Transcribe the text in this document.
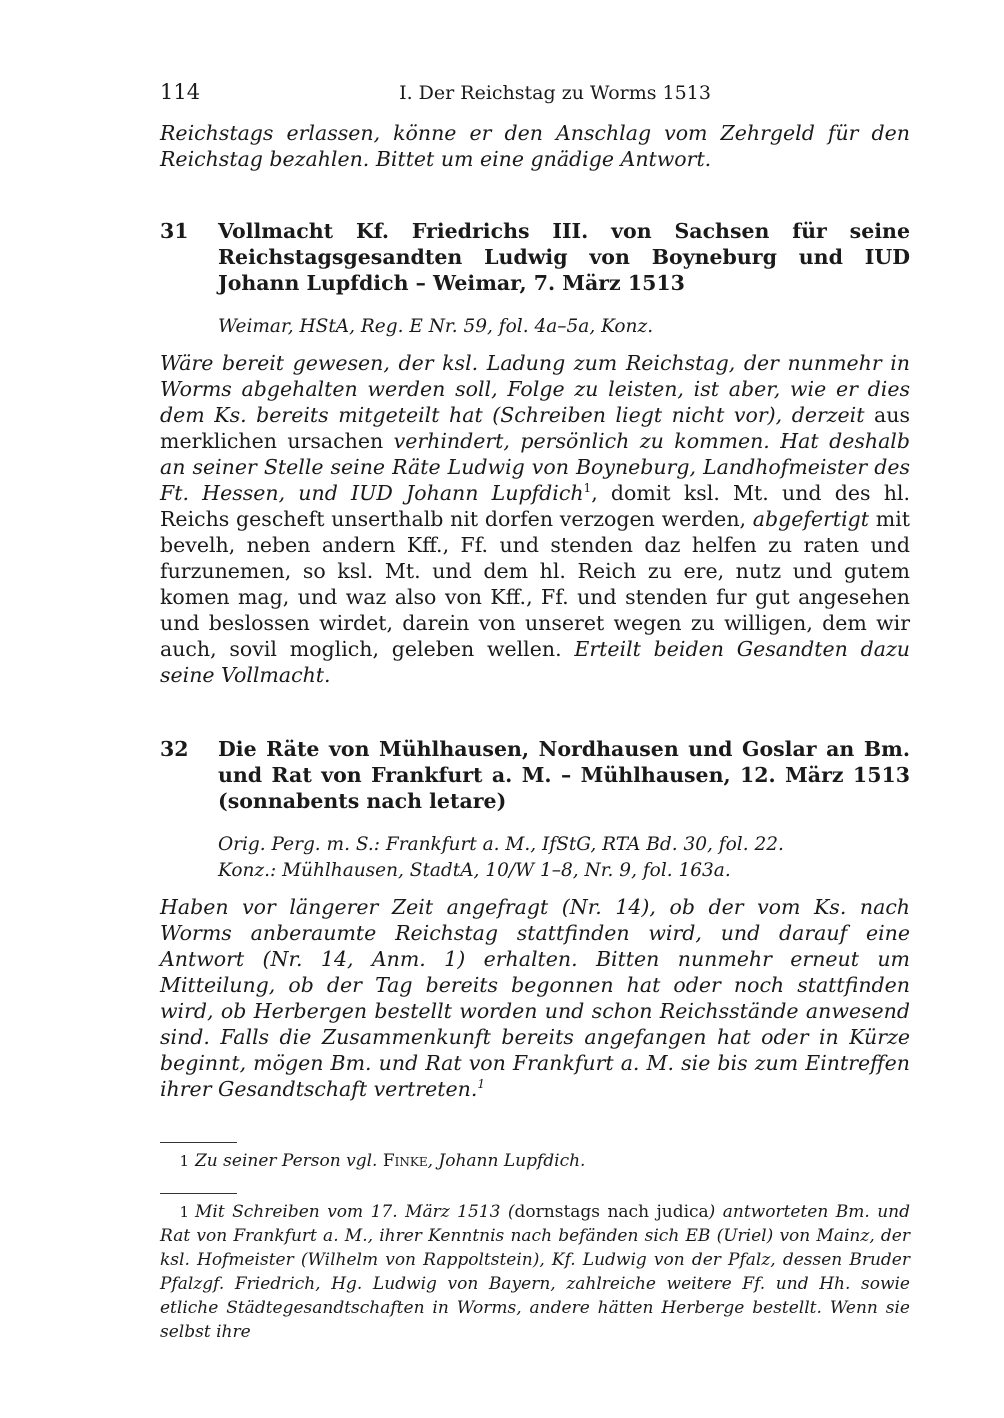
114	I. Der Reichstag zu Worms 1513

Reichstags erlassen, könne er den Anschlag vom Zehrgeld für den Reichstag bezahlen. Bittet um eine gnädige Antwort.

31	Vollmacht Kf. Friedrichs III. von Sachsen für seine Reichstagsgesandten Ludwig von Boyneburg und IUD Johann Lupfdich – Weimar, 7. März 1513

Weimar, HStA, Reg. E Nr. 59, fol. 4a–5a, Konz.

Wäre bereit gewesen, der ksl. Ladung zum Reichstag, der nunmehr in Worms abgehalten werden soll, Folge zu leisten, ist aber, wie er dies dem Ks. bereits mitgeteilt hat (Schreiben liegt nicht vor), derzeit aus merklichen ursachen verhindert, persönlich zu kommen. Hat deshalb an seiner Stelle seine Räte Ludwig von Boyneburg, Landhofmeister des Ft. Hessen, und IUD Johann Lupfdich$^1$, domit ksl. Mt. und des hl. Reichs gescheft unserthalb nit dorfen verzogen werden, abgefertigt mit bevelh, neben andern Kff., Ff. und stenden daz helfen zu raten und furzunemen, so ksl. Mt. und dem hl. Reich zu ere, nutz und gutem komen mag, und waz also von Kff., Ff. und stenden fur gut angesehen und beslossen wirdet, darein von unseret wegen zu willigen, dem wir auch, sovil moglich, geleben wellen. Erteilt beiden Gesandten dazu seine Vollmacht.

32	Die Räte von Mühlhausen, Nordhausen und Goslar an Bm. und Rat von Frankfurt a. M. – Mühlhausen, 12. März 1513 (sonnabents nach letare)
Orig. Perg. m. S.: Frankfurt a. M., IfStG, RTA Bd. 30, fol. 22.
Konz.: Mühlhausen, StadtA, 10/W 1–8, Nr. 9, fol. 163a.

Haben vor längerer Zeit angefragt (Nr. 14), ob der vom Ks. nach Worms anberaumte Reichstag stattfinden wird, und darauf eine Antwort (Nr. 14, Anm. 1) erhalten. Bitten nunmehr erneut um Mitteilung, ob der Tag bereits begonnen hat oder noch stattfinden wird, ob Herbergen bestellt worden und schon Reichsstände anwesend sind. Falls die Zusammenkunft bereits angefangen hat oder in Kürze beginnt, mögen Bm. und Rat von Frankfurt a. M. sie bis zum Eintreffen ihrer Gesandtschaft vertreten.$^1$

1 Zu seiner Person vgl. Finke, Johann Lupfdich.

1 Mit Schreiben vom 17. März 1513 (dornstags nach judica) antworteten Bm. und Rat von Frankfurt a. M., ihrer Kenntnis nach befänden sich EB (Uriel) von Mainz, der ksl. Hofmeister (Wilhelm von Rappoltstein), Kf. Ludwig von der Pfalz, dessen Bruder Pfalzgf. Friedrich, Hg. Ludwig von Bayern, zahlreiche weitere Ff. und Hh. sowie etliche Städtegesandtschaften in Worms, andere hätten Herberge bestellt. Wenn sie selbst ihre
